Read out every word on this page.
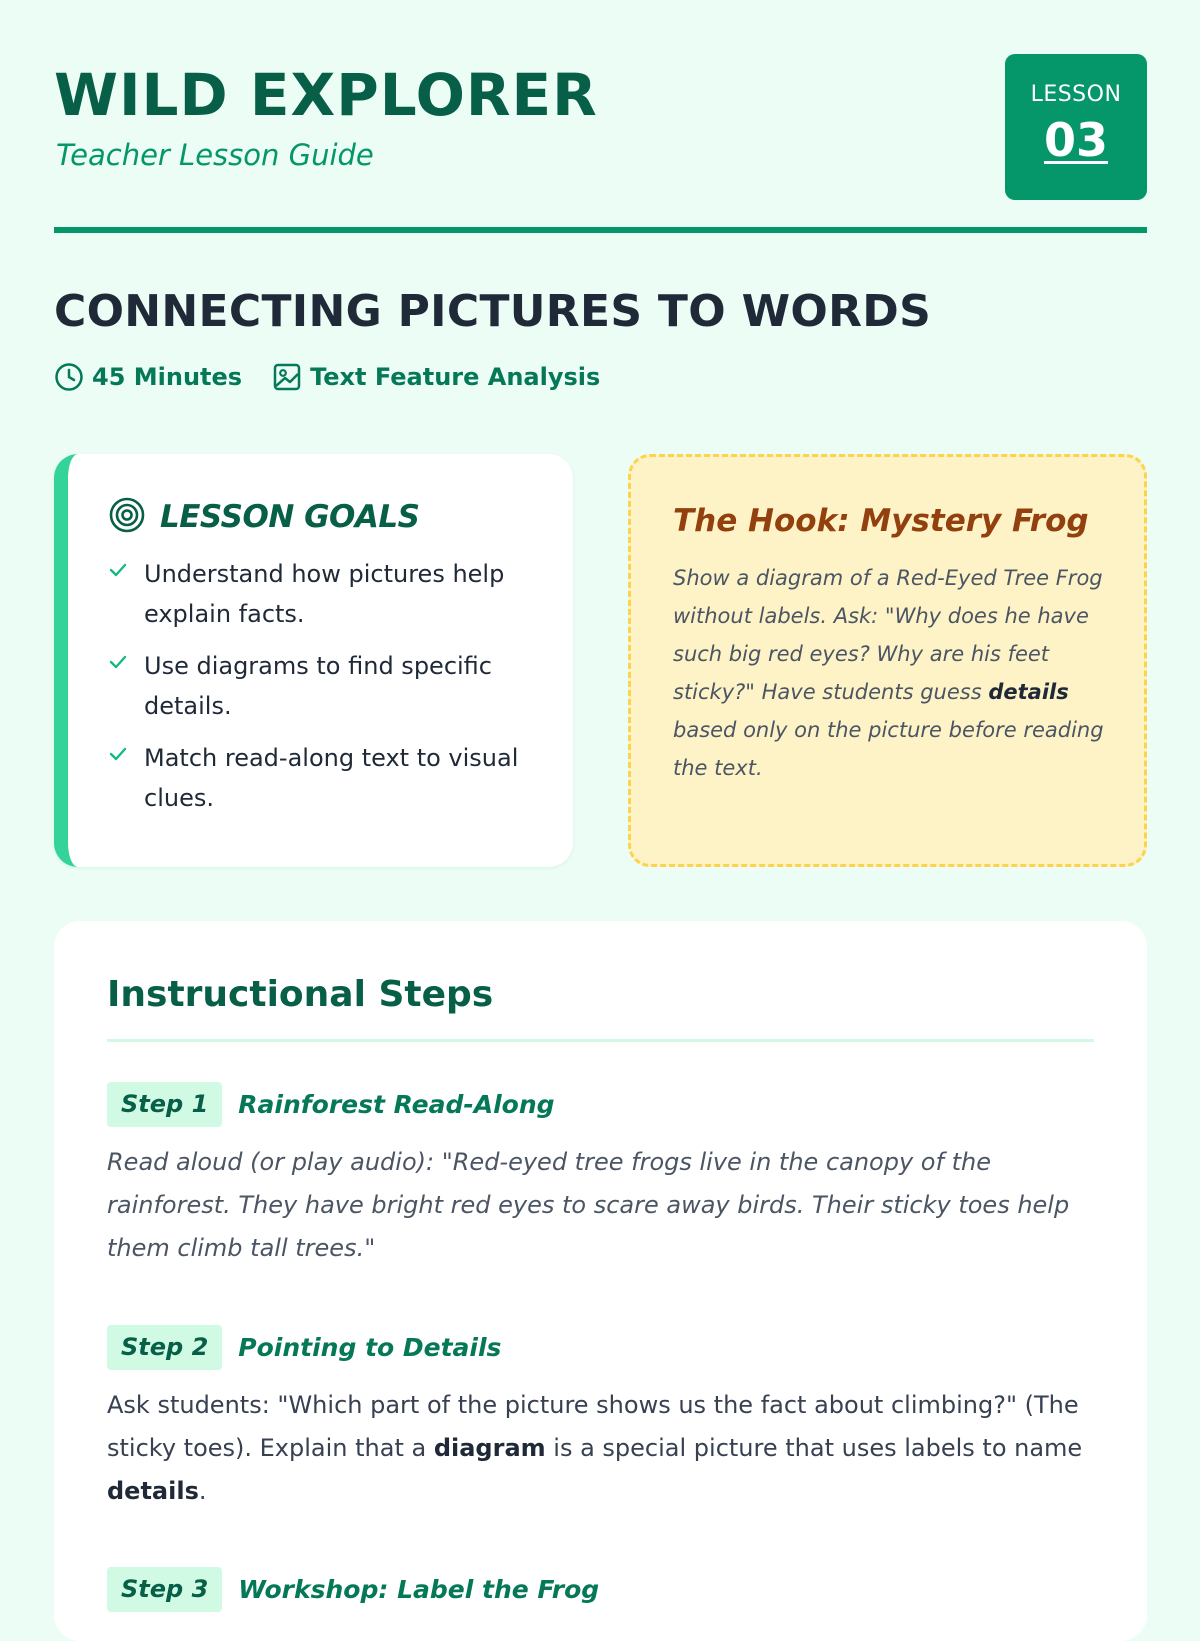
WILD EXPLORER
Teacher Lesson Guide
LESSON
03
CONNECTING PICTURES TO WORDS
45 Minutes	Text Feature Analysis
LESSON GOALS
Understand how pictures help explain facts.
Use diagrams to find specific details.
Match read-along text to visual clues.
The Hook: Mystery Frog

Show a diagram of a Red-Eyed Tree Frog without labels. Ask: "Why does he have such big red eyes? Why are his feet sticky?" Have students guess details based only on the picture before reading the text.

Instructional Steps
Step 1	Rainforest Read-Along

Read aloud (or play audio): "Red-eyed tree frogs live in the canopy of the rainforest. They have bright red eyes to scare away birds. Their sticky toes help them climb tall trees."

Step 2	Pointing to Details

Ask students: "Which part of the picture shows us the fact about climbing?" (The sticky toes). Explain that a diagram is a special picture that uses labels to name details.

Step 3	Workshop: Label the Frog
